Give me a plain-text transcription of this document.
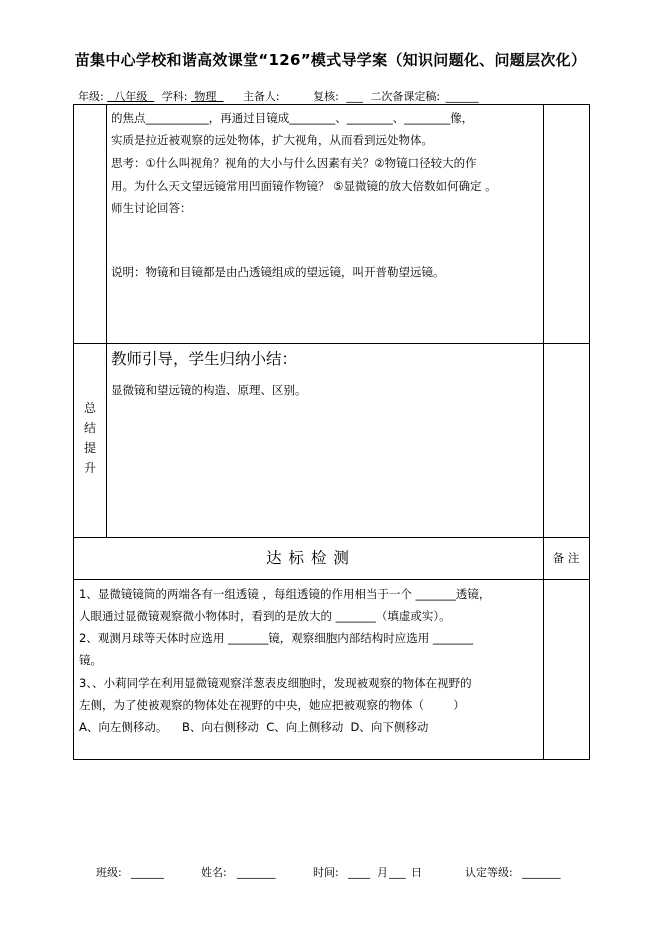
苗集中心学校和谐高效课堂“126”模式导学案（知识问题化、问题层次化）
年级:   八年级   学科:  物理   主备人:	复核: ___ 二次备课定稿: ______
的焦点___________，再通过目镜成________、________、________像，
实质是拉近被观察的远处物体，扩大视角，从而看到远处物体。
思考：①什么叫视角？视角的大小与什么因素有关？②物镜口径较大的作
用。为什么天文望远镜常用凹面镜作物镜？ ⑤显微镜的放大倍数如何确定 。
师生讨论回答：
说明：物镜和目镜都是由凸透镜组成的望远镜，叫开普勒望远镜。
总
结
提
升
教师引导，学生归纳小结：
显微镜和望远镜的构造、原理、区别。
达 标 检 测	备 注
1、显微镜镜筒的两端各有一组透镜 ，每组透镜的作用相当于一个 _______透镜，
人眼通过显微镜观察微小物体时，看到的是放大的 _______（填虚或实）。
2、观测月球等天体时应选用 _______镜，观察细胞内部结构时应选用 _______
镜。
3、、小莉同学在利用显微镜观察洋葱表皮细胞时，发现被观察的物体在视野的
左侧，为了使被观察的物体处在视野的中央，她应把被观察的物体（        ）
A、向左侧移动。    B、向右侧移动  C、向上侧移动  D、向下侧移动
班级: ______	姓名: _______	时间: ____ 月 ___ 日	认定等级: _______
